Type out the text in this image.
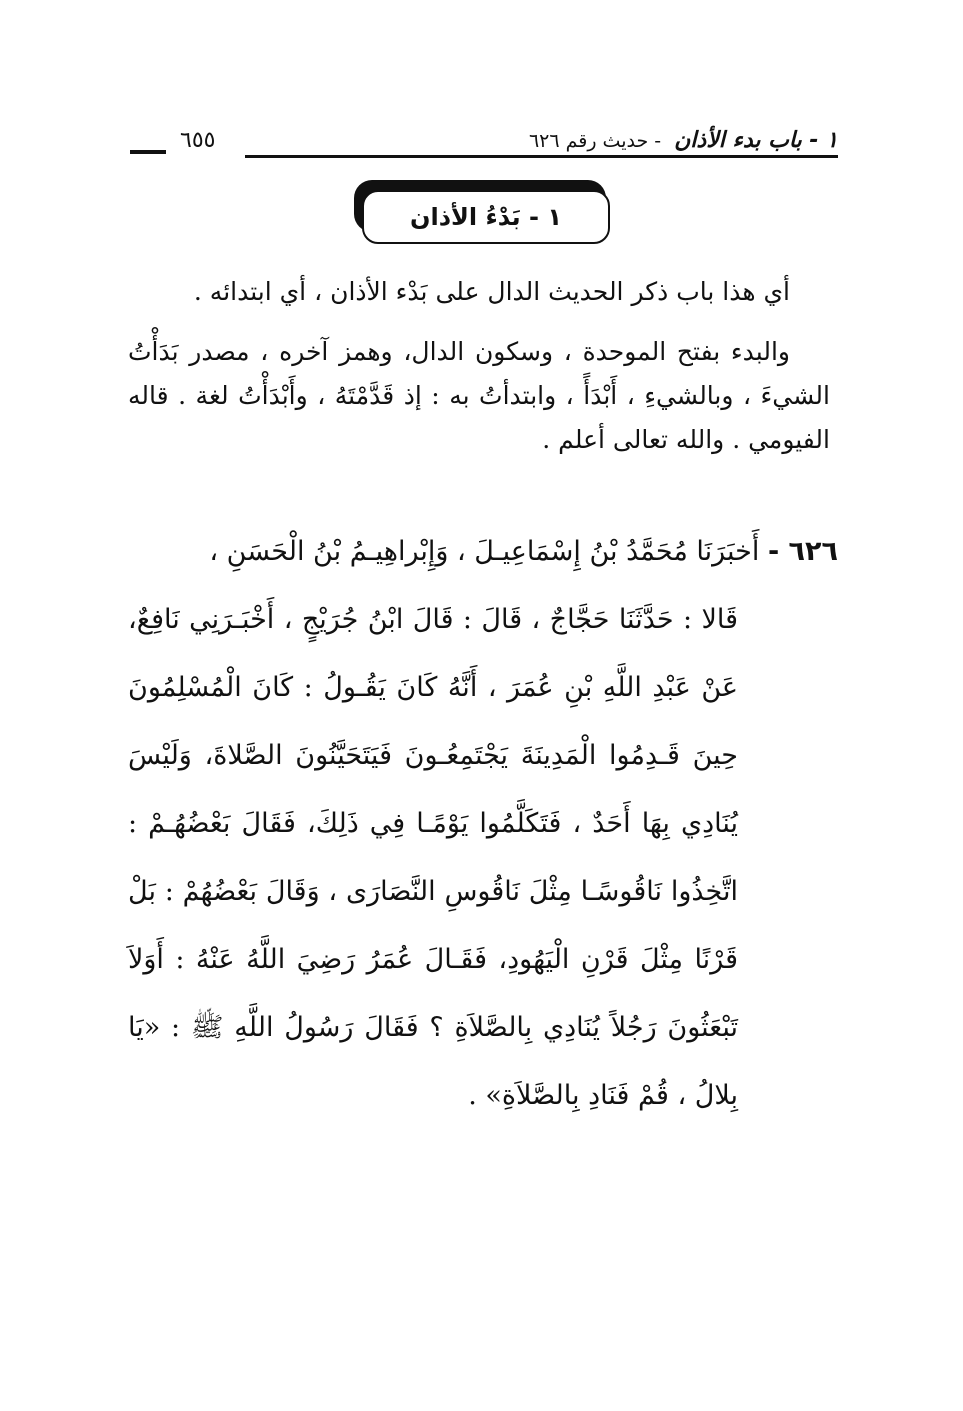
١ - باب بدء الأذان - حديث رقم ٦٢٦
٦٥٥
١ - بَدْءُ الأذان

أي هذا باب ذكر الحديث الدال على بَدْء الأذان ، أي ابتدائه .

والبدء بفتح الموحدة ، وسكون الدال، وهمز آخره ، مصدر بَدَأْتُ الشيءَ ، وبالشيءِ ، أَبْدَأً ، وابتدأتُ به : إذ قَدَّمْتَهُ ، وأَبْدَأْتُ لغة . قاله الفيومي . والله تعالى أعلم .

٦٢٦ - أَخبَرَنَا مُحَمَّدُ بْنُ إِسْمَاعِيـلَ ، وَإِبْراهِيـمُ بْنُ الْحَسَنِ ،

قَالا : حَدَّثَنَا حَجَّاجٌ ، قَالَ : قَالَ ابْنُ جُرَيْجٍ ، أَخْبَـرَنِي نَافِعٌ، عَنْ عَبْدِ اللَّهِ بْنِ عُمَرَ ، أَنَّهُ كَانَ يَقُـولُ : كَانَ الْمُسْلِمُونَ حِينَ قَـدِمُوا الْمَدِينَةَ يَجْتَمِعُـونَ فَيَتَحَيَّنُونَ الصَّلاةَ، وَلَيْسَ يُنَادِي بِهَا أَحَدٌ ، فَتَكَلَّمُوا يَوْمًـا فِي ذَلِكَ، فَقَالَ بَعْضُهُـمْ : اتَّخِذُوا نَاقُوسًـا مِثْلَ نَاقُوسِ النَّصَارَى ، وَقَالَ بَعْضُهُمْ : بَلْ قَرْنًا مِثْلَ قَرْنِ الْيَهُودِ، فَقَـالَ عُمَرُ رَضِيَ اللَّهُ عَنْهُ : أَوَلاَ تَبْعَثُونَ رَجُلاً يُنَادِي بِالصَّلاَةِ ؟ فَقَالَ رَسُولُ اللَّهِ ﷺ : «يَا بِلالُ ، قُمْ فَنَادِ بِالصَّلاَةِ» .
